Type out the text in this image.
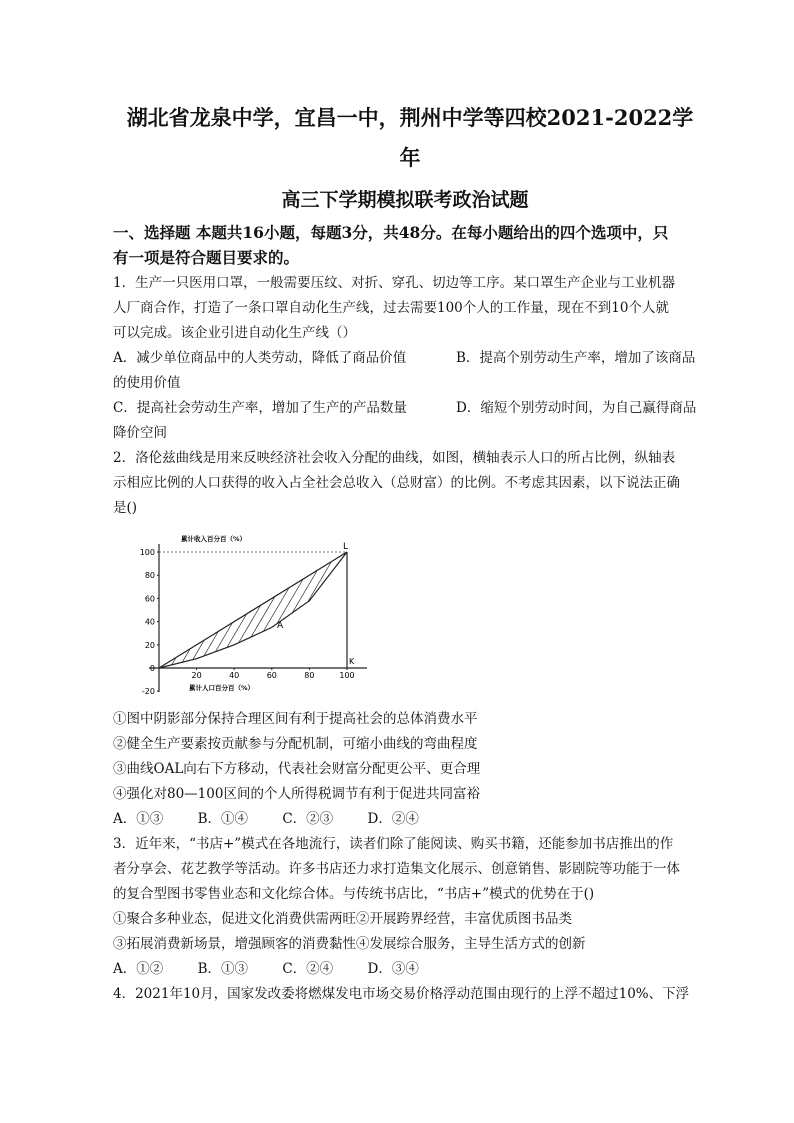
湖北省龙泉中学，宜昌一中，荆州中学等四校2021-2022学
年
高三下学期模拟联考政治试题
一、选择题 本题共16小题，每题3分，共48分。在每小题给出的四个选项中，只
有一项是符合题目要求的。
1．生产一只医用口罩，一般需要压纹、对折、穿孔、切边等工序。某口罩生产企业与工业机器
人厂商合作，打造了一条口罩自动化生产线，过去需要100个人的工作量，现在不到10个人就
可以完成。该企业引进自动化生产线（）
A．减少单位商品中的人类劳动，降低了商品价值	B．提高个别劳动生产率，增加了该商品
的使用价值
C．提高社会劳动生产率，增加了生产的产品数量	D．缩短个别劳动时间，为自己赢得商品
降价空间
2．洛伦兹曲线是用来反映经济社会收入分配的曲线，如图，横轴表示人口的所占比例，纵轴表
示相应比例的人口获得的收入占全社会总收入（总财富）的比例。不考虑其因素，以下说法正确
是()
-20
0
20
40
60
80
100
20	40	60	80	100
累计收入百分百（%）
累计人口百分百（%）
L
A
K
①图中阴影部分保持合理区间有利于提高社会的总体消费水平
②健全生产要素按贡献参与分配机制，可缩小曲线的弯曲程度
③曲线OAL向右下方移动，代表社会财富分配更公平、更合理
④强化对80—100区间的个人所得税调节有利于促进共同富裕
A．①③        B．①④        C．②③        D．②④
3．近年来，“书店+”模式在各地流行，读者们除了能阅读、购买书籍，还能参加书店推出的作
者分享会、花艺教学等活动。许多书店还力求打造集文化展示、创意销售、影剧院等功能于一体
的复合型图书零售业态和文化综合体。与传统书店比，“书店+”模式的优势在于()
①聚合多种业态，促进文化消费供需两旺②开展跨界经营，丰富优质图书品类
③拓展消费新场景，增强顾客的消费黏性④发展综合服务，主导生活方式的创新
A．①②        B．①③        C．②④        D．③④
4．2021年10月，国家发改委将燃煤发电市场交易价格浮动范围由现行的上浮不超过10%、下浮
